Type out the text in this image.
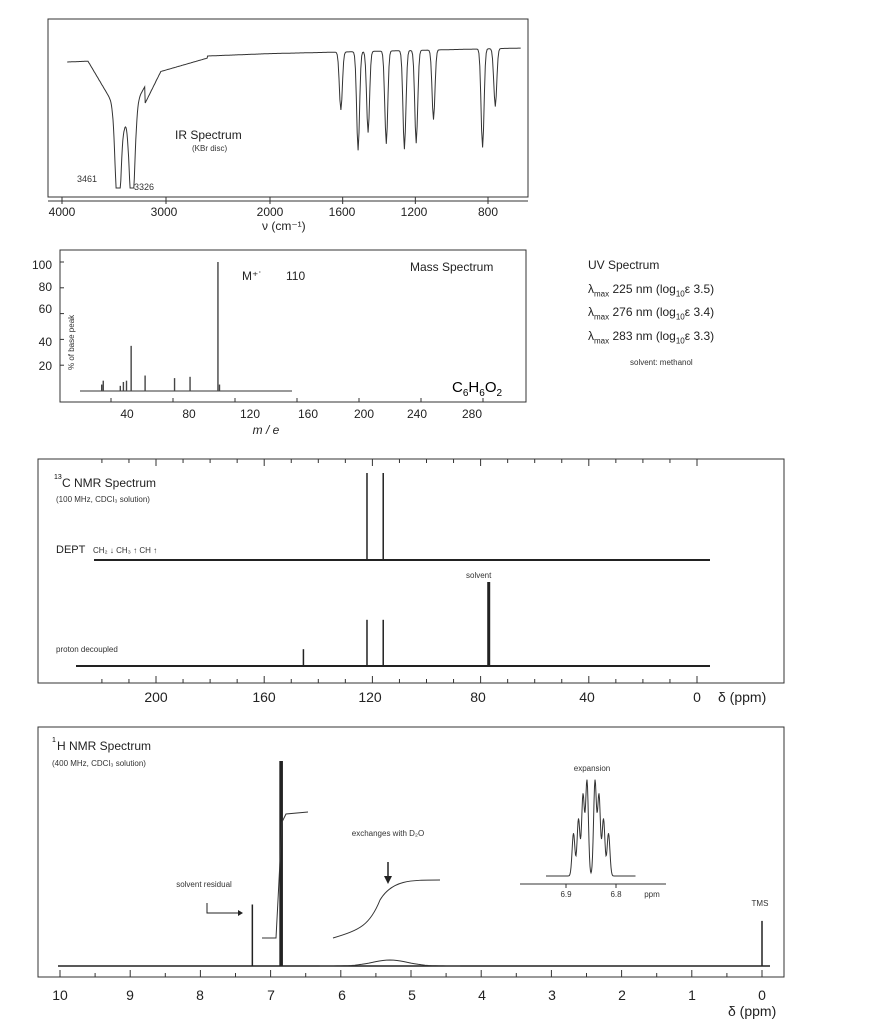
IR Spectrum
(KBr disc)
3461
3326
4000	3000	2000	1600	1200	800
ν (cm⁻¹)
M⁺˙ 110
Mass Spectrum
$C_6H_6O_2$
100
80
60
40
20 % of base peak
40	80	120	160	200	240	280
m / e
13 C NMR Spectrum
(100 MHz, CDCl₃ solution)
DEPT CH₂ ↓ CH₃ ↑ CH ↑
proton decoupled
solvent
200	160	120	80	40	0 δ (ppm)
1 H NMR Spectrum
(400 MHz, CDCl₃ solution)
solvent residual
exchanges with D₂O
TMS
expansion
6.9	6.8	ppm
10	9	8	7	6	5	4	3	2	1	0
δ (ppm)
UV Spectrum
$\lambda_{max}$ 225 nm ($\log_{10}\varepsilon$ 3.5)
$\lambda_{max}$ 276 nm ($\log_{10}\varepsilon$ 3.4)
$\lambda_{max}$ 283 nm ($\log_{10}\varepsilon$ 3.3)
solvent: methanol
